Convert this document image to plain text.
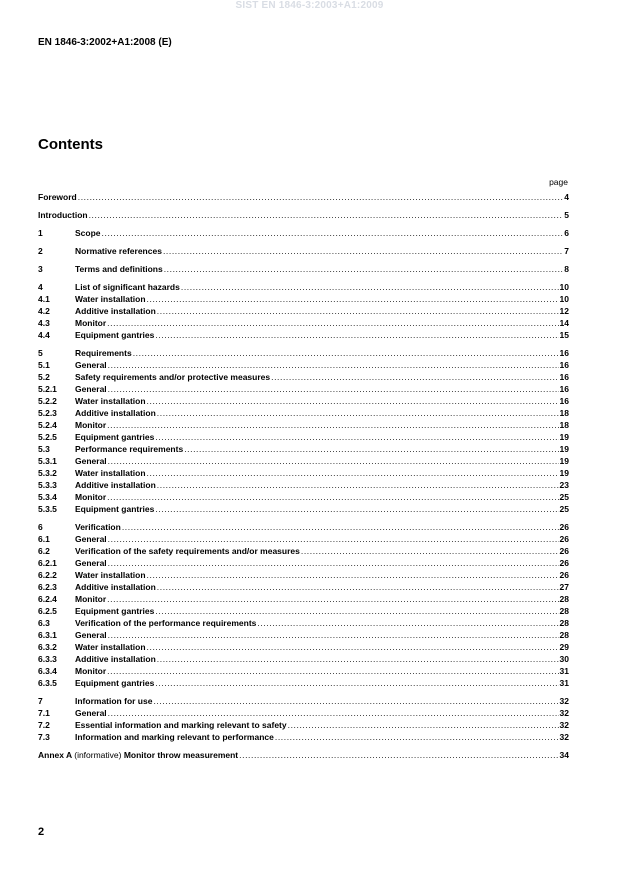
SIST EN 1846-3:2003+A1:2009
EN 1846-3:2002+A1:2008 (E)
Contents
page
Foreword .....	4
Introduction .....	5
1	Scope .....	6
2	Normative references .....	7
3	Terms and definitions .....	8
4	List of significant hazards .....	10
4.1	Water installation .....	10
4.2	Additive installation .....	12
4.3	Monitor .....	14
4.4	Equipment gantries .....	15
5	Requirements .....	16
5.1	General .....	16
5.2	Safety requirements and/or protective measures .....	16
5.2.1	General .....	16
5.2.2	Water installation .....	16
5.2.3	Additive installation .....	18
5.2.4	Monitor .....	18
5.2.5	Equipment gantries .....	19
5.3	Performance requirements .....	19
5.3.1	General .....	19
5.3.2	Water installation .....	19
5.3.3	Additive installation .....	23
5.3.4	Monitor .....	25
5.3.5	Equipment gantries .....	25
6	Verification .....	26
6.1	General .....	26
6.2	Verification of the safety requirements and/or measures .....	26
6.2.1	General .....	26
6.2.2	Water installation .....	26
6.2.3	Additive installation .....	27
6.2.4	Monitor .....	28
6.2.5	Equipment gantries .....	28
6.3	Verification of the performance requirements .....	28
6.3.1	General .....	28
6.3.2	Water installation .....	29
6.3.3	Additive installation .....	30
6.3.4	Monitor .....	31
6.3.5	Equipment gantries .....	31
7	Information for use .....	32
7.1	General .....	32
7.2	Essential information and marking relevant to safety .....	32
7.3	Information and marking relevant to performance .....	32
Annex A (informative) Monitor throw measurement .....	34
2
